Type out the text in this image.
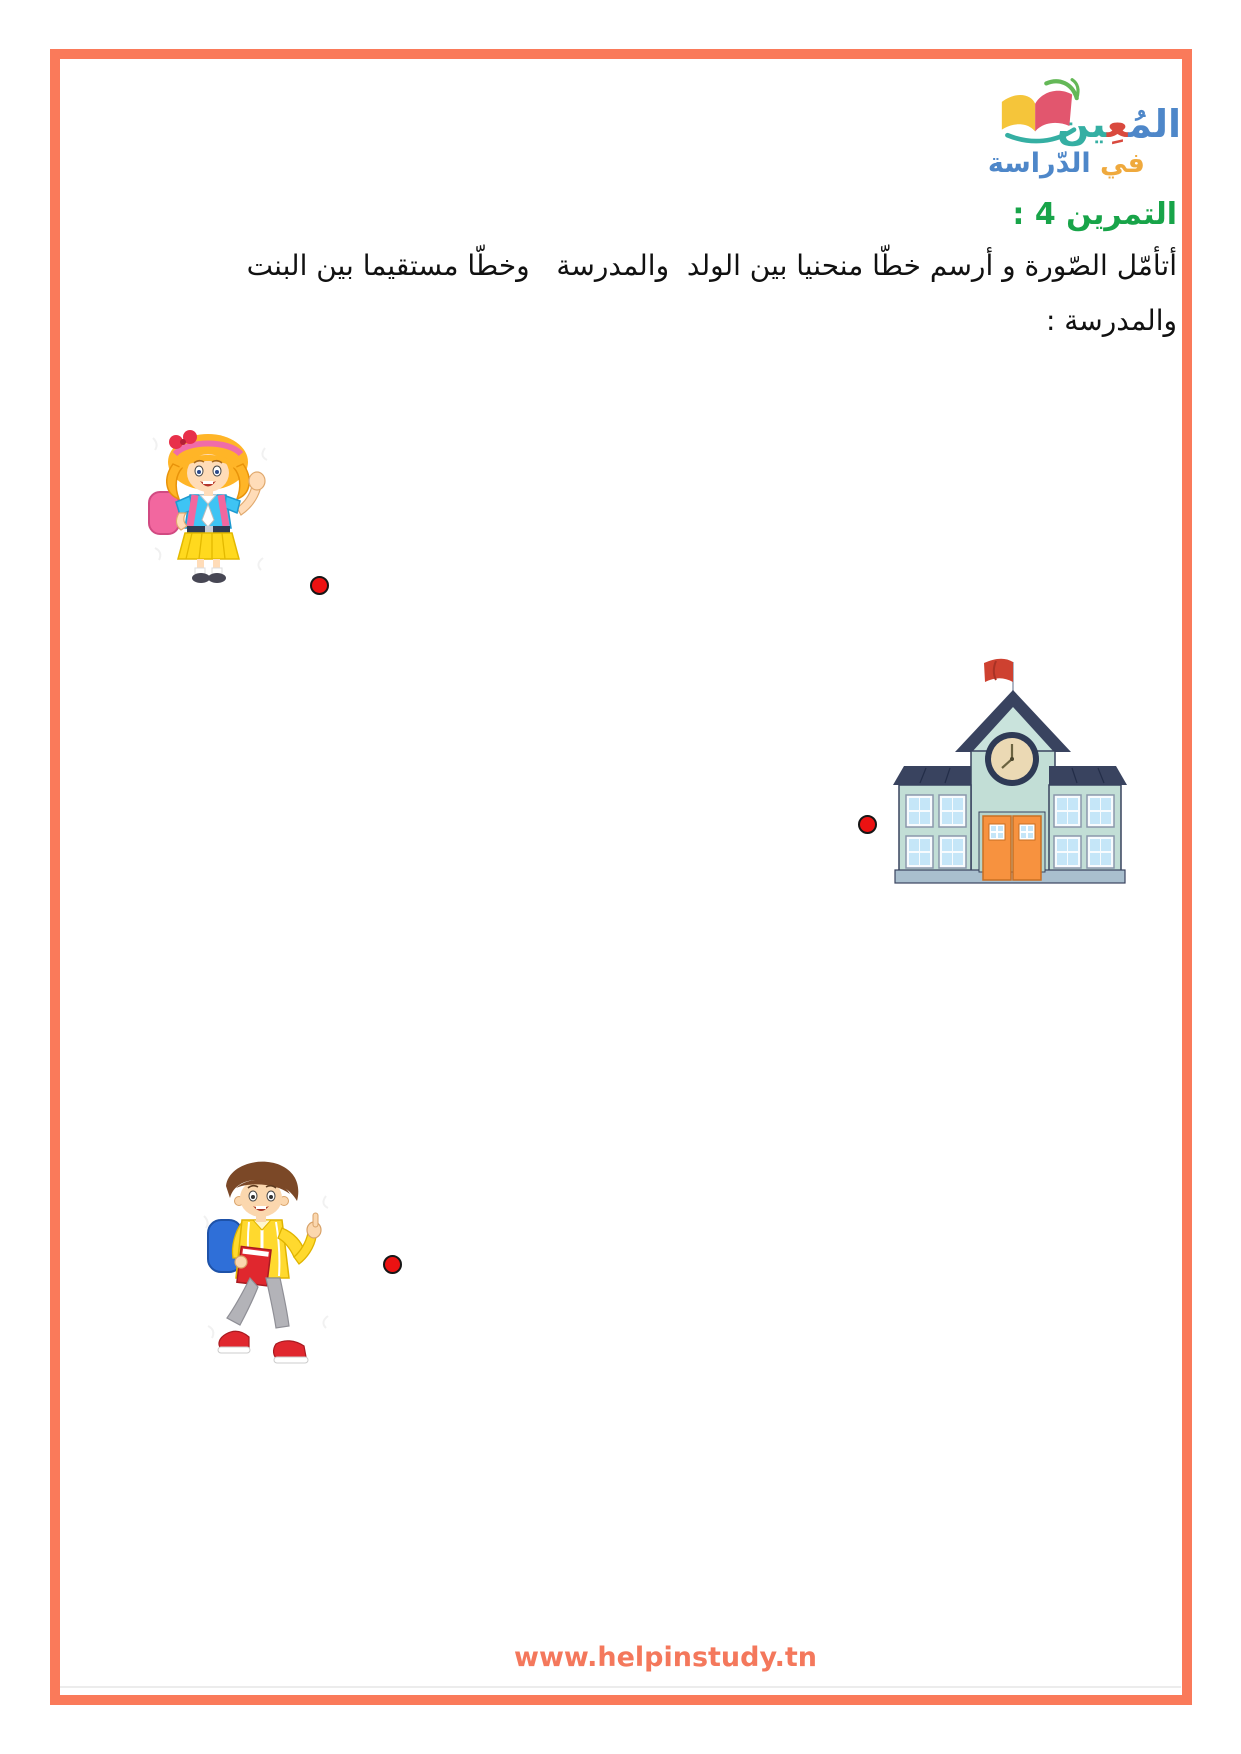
المُعِين
في الدّراسة
التمرين 4 :
أتأمّل الصّورة و أرسم خطّا منحنيا بين الولد  والمدرسة   وخطّا مستقيما بين البنت
والمدرسة :
www.helpinstudy.tn
